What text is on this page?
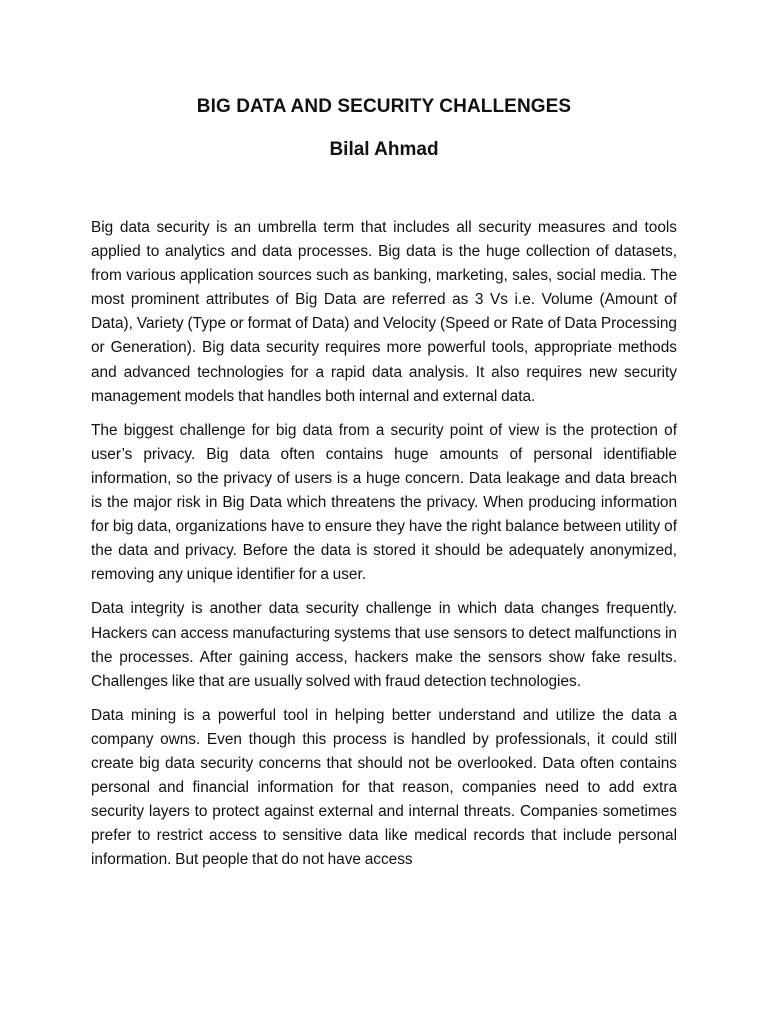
BIG DATA AND SECURITY CHALLENGES
Bilal Ahmad

Big data security is an umbrella term that includes all security measures and tools applied to analytics and data processes. Big data is the huge collection of datasets, from various application sources such as banking, marketing, sales, social media. The most prominent attributes of Big Data are referred as 3 Vs i.e. Volume (Amount of Data), Variety (Type or format of Data) and Velocity (Speed or Rate of Data Processing or Generation). Big data security requires more powerful tools, appropriate methods and advanced technologies for a rapid data analysis. It also requires new security management models that handles both internal and external data.

The biggest challenge for big data from a security point of view is the protection of user’s privacy. Big data often contains huge amounts of personal identifiable information, so the privacy of users is a huge concern. Data leakage and data breach is the major risk in Big Data which threatens the privacy. When producing information for big data, organizations have to ensure they have the right balance between utility of the data and privacy. Before the data is stored it should be adequately anonymized, removing any unique identifier for a user.

Data integrity is another data security challenge in which data changes frequently. Hackers can access manufacturing systems that use sensors to detect malfunctions in the processes. After gaining access, hackers make the sensors show fake results. Challenges like that are usually solved with fraud detection technologies.

Data mining is a powerful tool in helping better understand and utilize the data a company owns. Even though this process is handled by professionals, it could still create big data security concerns that should not be overlooked. Data often contains personal and financial information for that reason, companies need to add extra security layers to protect against external and internal threats. Companies sometimes prefer to restrict access to sensitive data like medical records that include personal information. But people that do not have access
